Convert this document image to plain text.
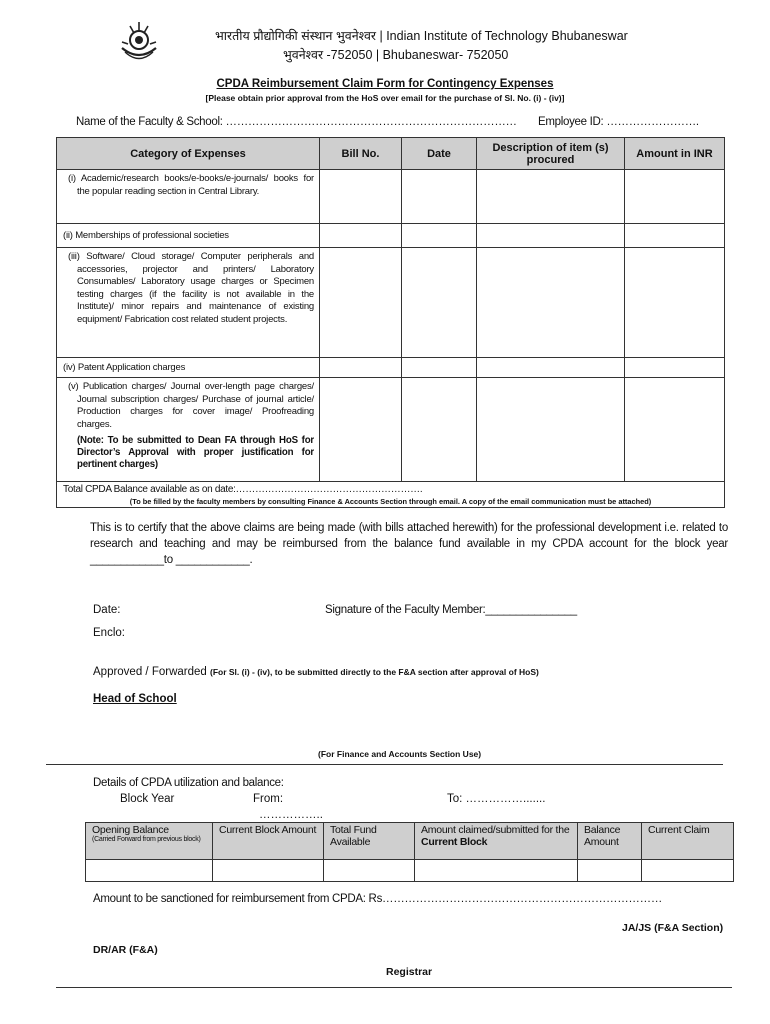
भारतीय प्रौद्योगिकी संस्थान भुवनेश्वर | Indian Institute of Technology Bhubaneswar
भुवनेश्वर -752050 | Bhubaneswar- 752050
CPDA Reimbursement Claim Form for Contingency Expenses
[Please obtain prior approval from the HoS over email for the purchase of Sl. No. (i) - (iv)]
Name of the Faculty & School: …………………………………………………………………… Employee ID: …………………….
Category of Expenses	Bill No.	Date	Description of item (s) procured	Amount in INR

(i) Academic/research books/e-books/e-journals/ books for the popular reading section in Central Library.				

(ii) Memberships of professional societies				

(iii) Software/ Cloud storage/ Computer peripherals and accessories, projector and printers/ Laboratory Consumables/ Laboratory usage charges or Specimen testing charges (if the facility is not available in the Institute)/ minor repairs and maintenance of existing equipment/ Fabrication cost related student projects.				

(iv) Patent Application charges				

(v) Publication charges/ Journal over-length page charges/ Journal subscription charges/ Purchase of journal article/ Production charges for cover image/ Proofreading charges.
(Note: To be submitted to Dean FA through HoS for Director’s Approval with proper justification for pertinent charges)				

Total CPDA Balance available as on date:………………………………………………….
(To be filled by the faculty members by consulting Finance & Accounts Section through email. A copy of the email communication must be attached)				
This is to certify that the above claims are being made (with bills attached herewith) for the professional development i.e. related to research and teaching and may be reimbursed from the balance fund available in my CPDA account for the block year ____________to ____________.
Date:	Signature of the Faculty Member:_______________
Enclo:
Approved / Forwarded (For Sl. (i) - (iv), to be submitted directly to the F&A section after approval of HoS)
Head of School
(For Finance and Accounts Section Use)
Details of CPDA utilization and balance:
Block Year	From:	To: …………….......
……………..
Opening Balance
(Carried Forward from previous block)	Current Block Amount	Total Fund Available	Amount claimed/submitted for the Current Block	Balance Amount	Current Claim

Amount to be sanctioned for reimbursement from CPDA: Rs…………………………………………………………………
JA/JS (F&A Section)
DR/AR (F&A)
Registrar
